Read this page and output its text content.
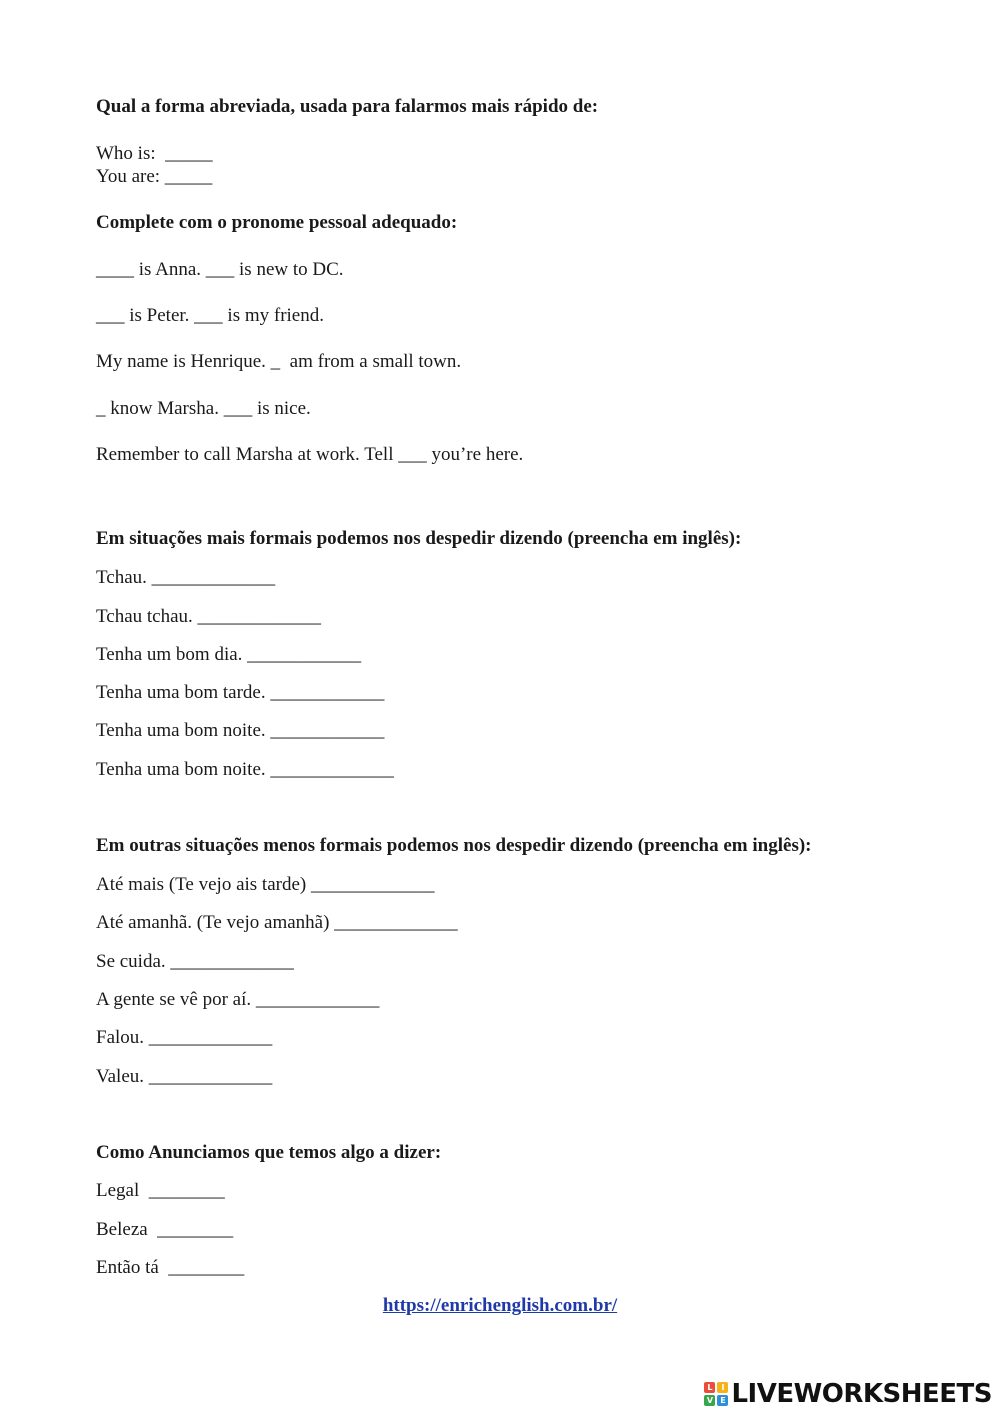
Qual a forma abreviada, usada para falarmos mais rápido de:
Who is:  _____
You are: _____
Complete com o pronome pessoal adequado:
____ is Anna. ___ is new to DC.
___ is Peter. ___ is my friend.
My name is Henrique. _  am from a small town.
_ know Marsha. ___ is nice.
Remember to call Marsha at work. Tell ___ you’re here.
Em situações mais formais podemos nos despedir dizendo (preencha em inglês):
Tchau. _____________
Tchau tchau. _____________
Tenha um bom dia. ____________
Tenha uma bom tarde. ____________
Tenha uma bom noite. ____________
Tenha uma bom noite. _____________
Em outras situações menos formais podemos nos despedir dizendo (preencha em inglês):
Até mais (Te vejo ais tarde) _____________
Até amanhã. (Te vejo amanhã) _____________
Se cuida. _____________
A gente se vê por aí. _____________
Falou. _____________
Valeu. _____________
Como Anunciamos que temos algo a dizer:
Legal  ________
Beleza  ________
Então tá  ________
https://enrichenglish.com.br/
L	I
V E LIVEWORKSHEETS
